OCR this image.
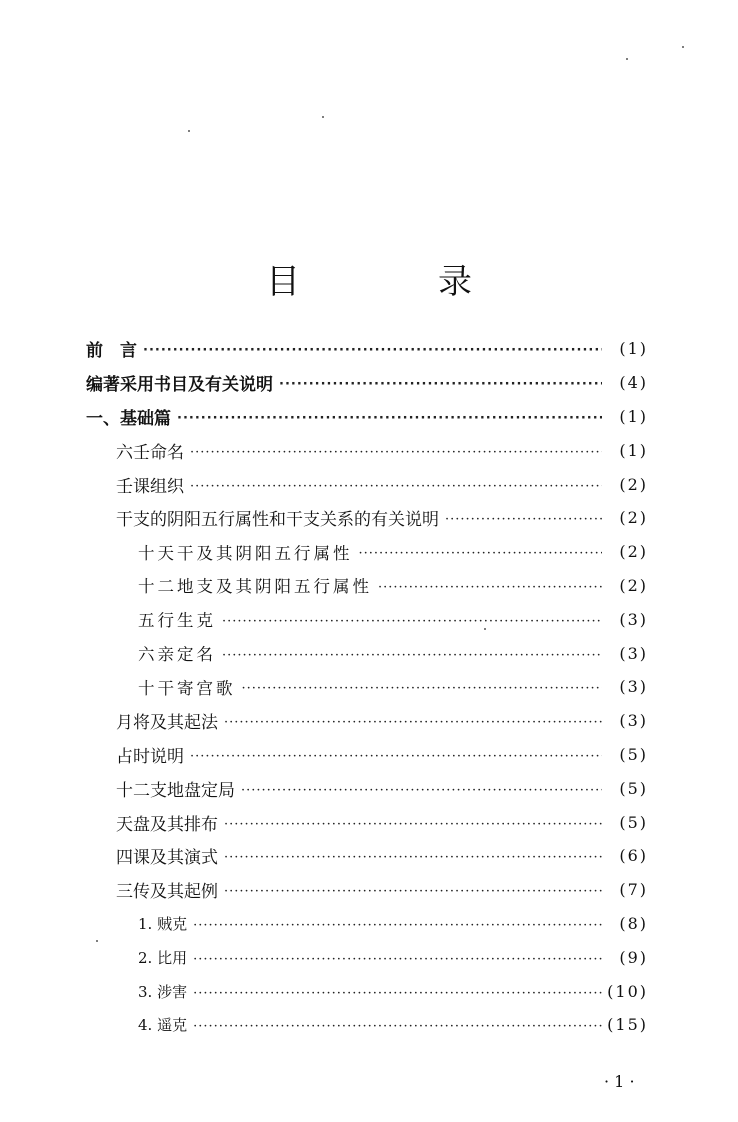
目　录
前　言 ·····	(1)
编著采用书目及有关说明 ·····	(4)
一、基础篇 ·····	(1)
六壬命名 ·····	(1)
壬课组织 ·····	(2)
干支的阴阳五行属性和干支关系的有关说明 ·····	(2)
十天干及其阴阳五行属性 ·····	(2)
十二地支及其阴阳五行属性 ·····	(2)
五行生克 ·····	(3)
六亲定名 ·····	(3)
十干寄宫歌 ·····	(3)
月将及其起法 ·····	(3)
占时说明 ·····	(5)
十二支地盘定局 ·····	(5)
天盘及其排布 ·····	(5)
四课及其演式 ·····	(6)
三传及其起例 ·····	(7)
1. 贼克 ·····	(8)
2. 比用 ·····	(9)
3. 涉害 ·····	(10)
4. 遥克 ·····	(15)
· 1 ·
